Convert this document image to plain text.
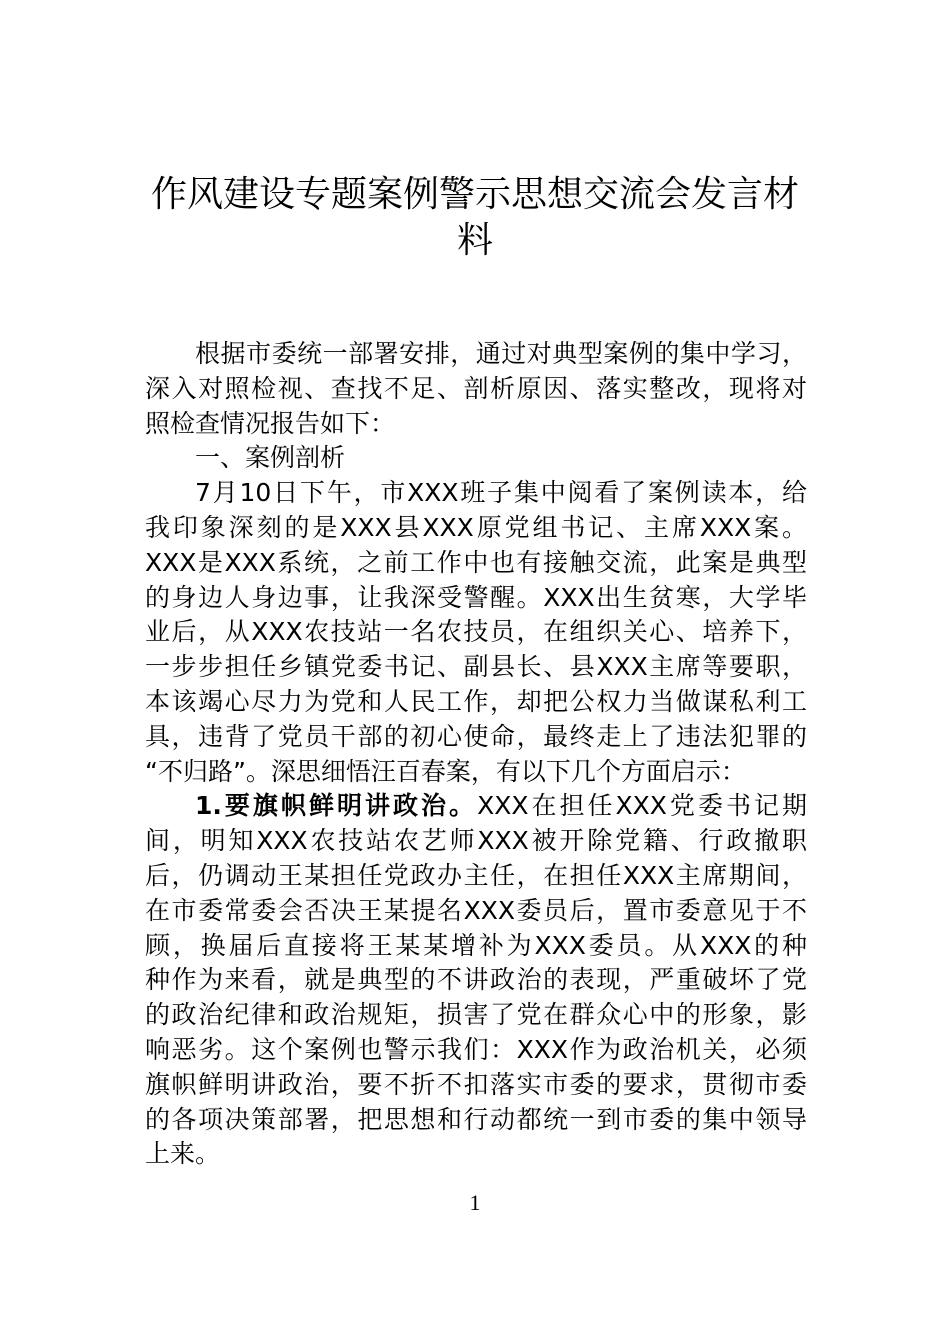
作风建设专题案例警示思想交流会发言材
料
根据市委统一部署安排，通过对典型案例的集中学习，
深入对照检视、查找不足、剖析原因、落实整改，现将对
照检查情况报告如下：
一、案例剖析
7月10日下午，市XXX班子集中阅看了案例读本，给
我印象深刻的是XXX县XXX原党组书记、主席XXX案。
XXX是XXX系统，之前工作中也有接触交流，此案是典型
的身边人身边事，让我深受警醒。XXX出生贫寒，大学毕
业后，从XXX农技站一名农技员，在组织关心、培养下，
一步步担任乡镇党委书记、副县长、县XXX主席等要职，
本该竭心尽力为党和人民工作，却把公权力当做谋私利工
具，违背了党员干部的初心使命，最终走上了违法犯罪的
“不归路”。深思细悟汪百春案，有以下几个方面启示：
1.要旗帜鲜明讲政治。XXX在担任XXX党委书记期
间，明知XXX农技站农艺师XXX被开除党籍、行政撤职
后，仍调动王某担任党政办主任，在担任XXX主席期间，
在市委常委会否决王某提名XXX委员后，置市委意见于不
顾，换届后直接将王某某增补为XXX委员。从XXX的种
种作为来看，就是典型的不讲政治的表现，严重破坏了党
的政治纪律和政治规矩，损害了党在群众心中的形象，影
响恶劣。这个案例也警示我们：XXX作为政治机关，必须
旗帜鲜明讲政治，要不折不扣落实市委的要求，贯彻市委
的各项决策部署，把思想和行动都统一到市委的集中领导
上来。
1
